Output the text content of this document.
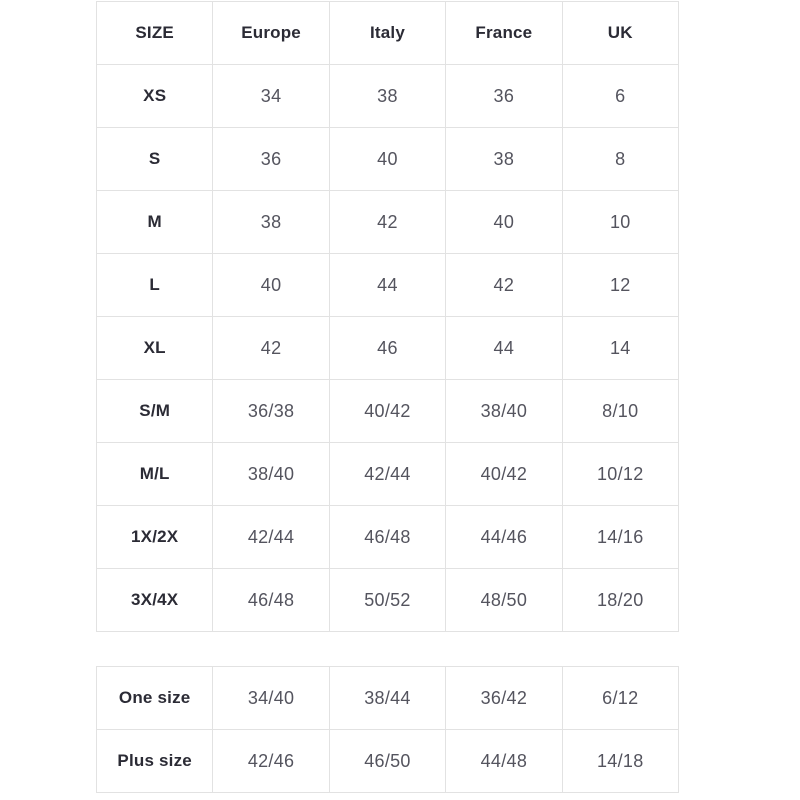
SIZE	Europe	Italy	France	UK
XS	34	38	36	6
S	36	40	38	8
M	38	42	40	10
L	40	44	42	12
XL	42	46	44	14
S/M	36/38	40/42	38/40	8/10
M/L	38/40	42/44	40/42	10/12
1X/2X	42/44	46/48	44/46	14/16
3X/4X	46/48	50/52	48/50	18/20
One size	34/40	38/44	36/42	6/12
Plus size	42/46	46/50	44/48	14/18
